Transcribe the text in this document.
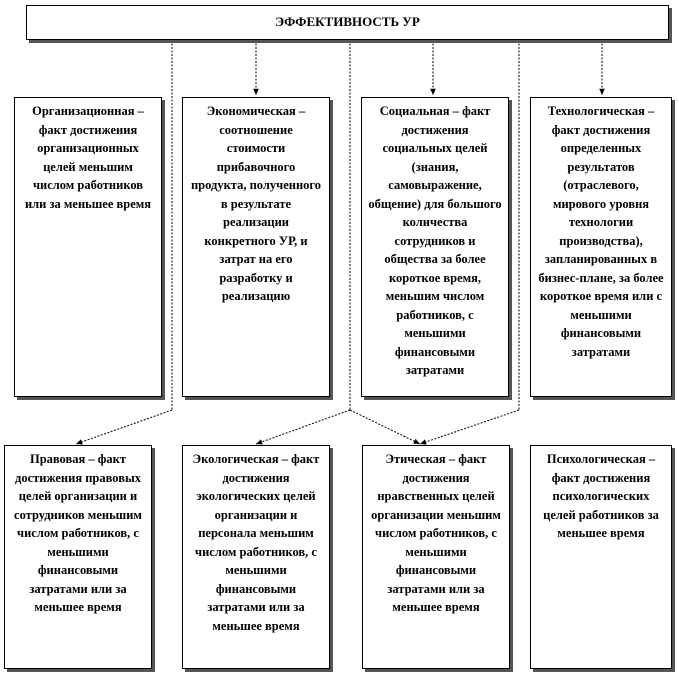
ЭФФЕКТИВНОСТЬ УР
Организационная – факт достижения организационных целей меньшим числом работников или за меньшее время
Экономическая – соотношение стоимости прибавочного продукта, полученного в результате реализации конкретного УР, и затрат на его разработку и реализацию
Социальная – факт достижения социальных целей (знания, самовыражение, общение) для большого количества сотрудников и общества за более короткое время, меньшим числом работников, с меньшими финансовыми затратами
Технологическая – факт достижения определенных результатов (отраслевого, мирового уровня технологии производства), запланированных в бизнес-плане, за более короткое время или с меньшими финансовыми затратами
Правовая – факт достижения правовых целей организации и сотрудников меньшим числом работников, с меньшими финансовыми затратами или за меньшее время
Экологическая – факт достижения экологических целей организации и персонала меньшим числом работников, с меньшими финансовыми затратами или за меньшее время
Этическая – факт достижения нравственных целей организации меньшим числом работников, с меньшими финансовыми затратами или за меньшее время
Психологическая – факт достижения психологических целей работников за меньшее время
